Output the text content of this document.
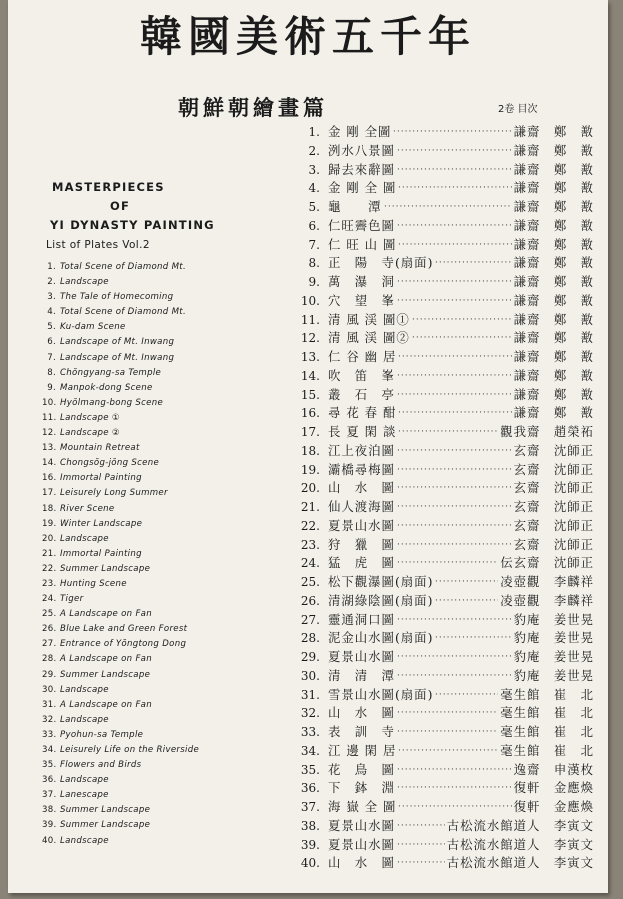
韓國美術五千年
朝鮮朝繪畫篇	2卷 目次
MASTERPIECES
OF
YI DYNASTY PAINTING
List of Plates Vol.2
1. Total Scene of Diamond Mt.
2. Landscape
3. The Tale of Homecoming
4. Total Scene of Diamond Mt.
5. Ku-dam Scene
6. Landscape of Mt. Inwang
7. Landscape of Mt. Inwang
8. Chŏngyang-sa Temple
9. Manpok-dong Scene
10. Hyŏlmang-bong Scene
11. Landscape ①
12. Landscape ②
13. Mountain Retreat
14. Chongsŏg-jŏng Scene
16. Immortal Painting
17. Leisurely Long Summer
18. River Scene
19. Winter Landscape
20. Landscape
21. Immortal Painting
22. Summer Landscape
23. Hunting Scene
24. Tiger
25. A Landscape on Fan
26. Blue Lake and Green Forest
27. Entrance of Yŏngtong Dong
28. A Landscape on Fan
29. Summer Landscape
30. Landscape
31. A Landscape on Fan
32. Landscape
33. Pyohun-sa Temple
34. Leisurely Life on the Riverside
35. Flowers and Birds
36. Landscape
37. Lanescape
38. Summer Landscape
39. Summer Landscape
40. Landscape
1. 金 剛 全圖 ·····	謙齋　鄭　敾
2. 洌水八景圖 ·····	謙齋　鄭　敾
3. 歸去來辭圖 ·····	謙齋　鄭　敾
4. 金 剛 全 圖 ·····	謙齋　鄭　敾
5. 龜　　潭 ·····	謙齋　鄭　敾
6. 仁旺霽色圖 ·····	謙齋　鄭　敾
7. 仁 旺 山 圖 ·····	謙齋　鄭　敾
8. 正　陽　寺(扇面) ·····	謙齋　鄭　敾
9. 萬　瀑　洞 ·····	謙齋　鄭　敾
10. 穴　望　峯 ·····	謙齋　鄭　敾
11. 清 風 渓 圖① ·····	謙齋　鄭　敾
12. 清 風 渓 圖② ·····	謙齋　鄭　敾
13. 仁 谷 幽 居 ·····	謙齋　鄭　敾
14. 吹　笛　峯 ·····	謙齋　鄭　敾
15. 叢　石　亭 ·····	謙齋　鄭　敾
16. 尋 花 春 酣 ·····	謙齋　鄭　敾
17. 長 夏 閑 談 ·····	觀我齋　趙榮祏
18. 江上夜泊圖 ·····	玄齋　沈師正
19. 灞橋尋梅圖 ·····	玄齋　沈師正
20. 山　水　圖 ·····	玄齋　沈師正
21. 仙人渡海圖 ·····	玄齋　沈師正
22. 夏景山水圖 ·····	玄齋　沈師正
23. 狩　獵　圖 ·····	玄齋　沈師正
24. 猛　虎　圖 ·····	伝玄齋　沈師正
25. 松下觀瀑圖(扇面) ·····	凌壺觀　李麟祥
26. 清湖綠陰圖(扇面) ·····	凌壺觀　李麟祥
27. 靈通洞口圖 ·····	豹庵　姜世晃
28. 泥金山水圖(扇面) ·····	豹庵　姜世晃
29. 夏景山水圖 ·····	豹庵　姜世晃
30. 清　清　潭 ·····	豹庵　姜世晃
31. 雪景山水圖(扇面) ·····	毫生館　崔　北
32. 山　水　圖 ·····	毫生館　崔　北
33. 表　訓　寺 ·····	毫生館　崔　北
34. 江 邊 閑 居 ·····	毫生館　崔　北
35. 花　鳥　圖 ·····	逸齋　申漢枚
36. 下　鉢　淵 ·····	復軒　金應煥
37. 海 嶽 全 圖 ·····	復軒　金應煥
38. 夏景山水圖 ·····	古松流水館道人　李寅文
39. 夏景山水圖 ·····	古松流水館道人　李寅文
40. 山　水　圖 ·····	古松流水館道人　李寅文
